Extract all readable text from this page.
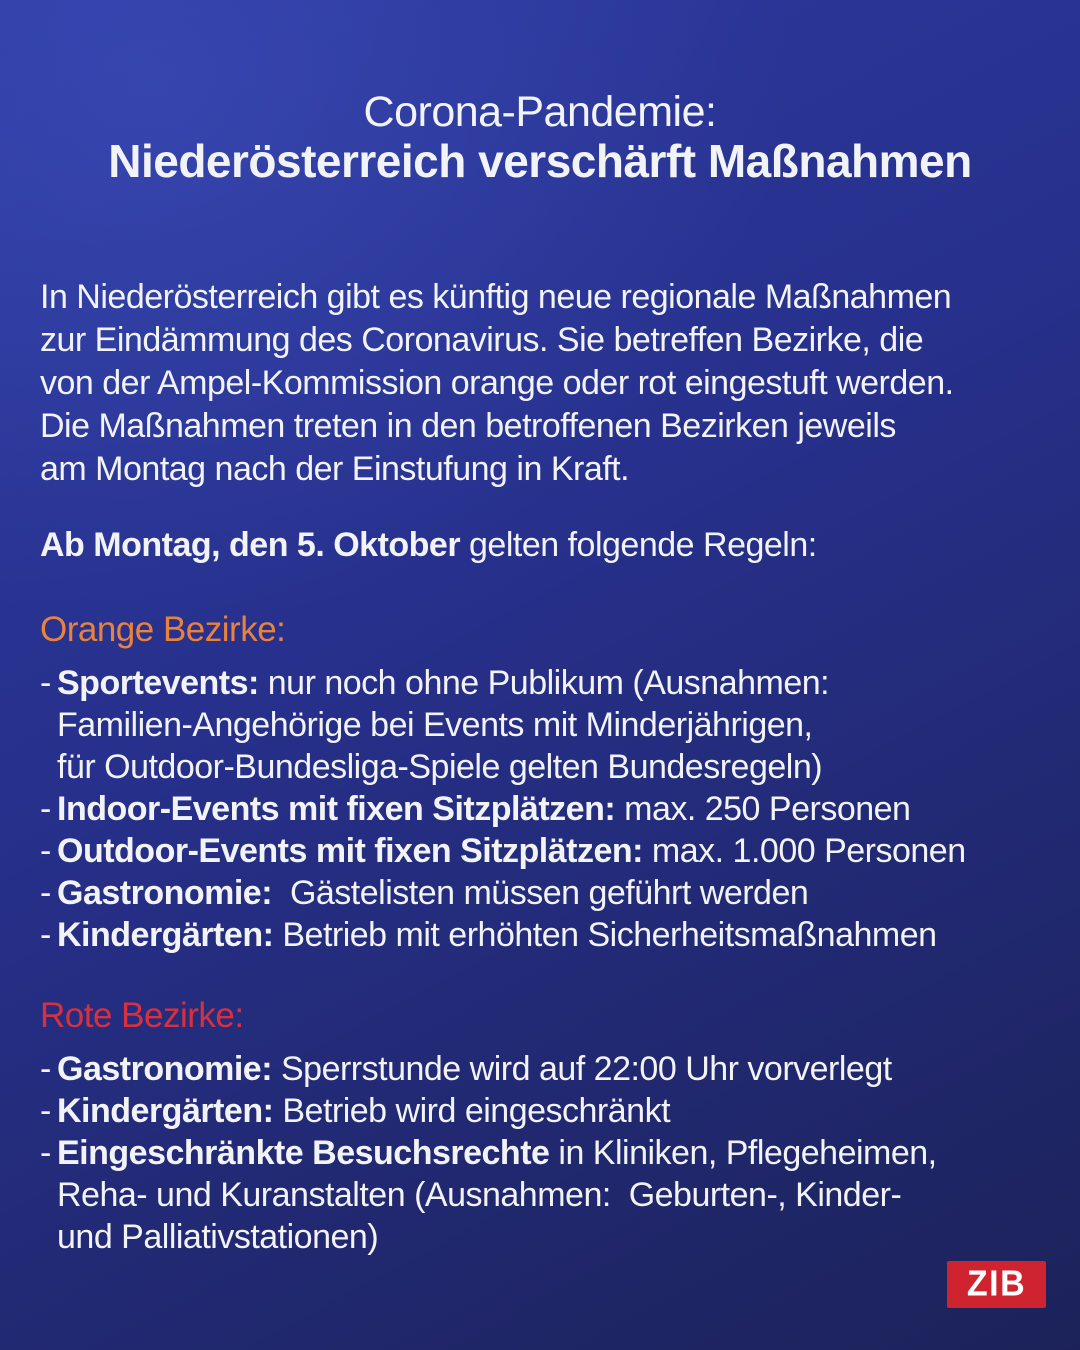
Corona-Pandemie:
Niederösterreich verschärft Maßnahmen
In Niederösterreich gibt es künftig neue regionale Maßnahmen
zur Eindämmung des Coronavirus. Sie betreffen Bezirke, die
von der Ampel-Kommission orange oder rot eingestuft werden.
Die Maßnahmen treten in den betroffenen Bezirken jeweils
am Montag nach der Einstufung in Kraft.
Ab Montag, den 5. Oktober gelten folgende Regeln:
Orange Bezirke:
- Sportevents: nur noch ohne Publikum (Ausnahmen:
Familien-Angehörige bei Events mit Minderjährigen,
für Outdoor-Bundesliga-Spiele gelten Bundesregeln)
- Indoor-Events mit fixen Sitzplätzen: max. 250 Personen
- Outdoor-Events mit fixen Sitzplätzen: max. 1.000 Personen
- Gastronomie:  Gästelisten müssen geführt werden
- Kindergärten: Betrieb mit erhöhten Sicherheitsmaßnahmen
Rote Bezirke:
- Gastronomie: Sperrstunde wird auf 22:00 Uhr vorverlegt
- Kindergärten: Betrieb wird eingeschränkt
- Eingeschränkte Besuchsrechte in Kliniken, Pflegeheimen,
Reha- und Kuranstalten (Ausnahmen:  Geburten-, Kinder-
und Palliativstationen)
ZIB
